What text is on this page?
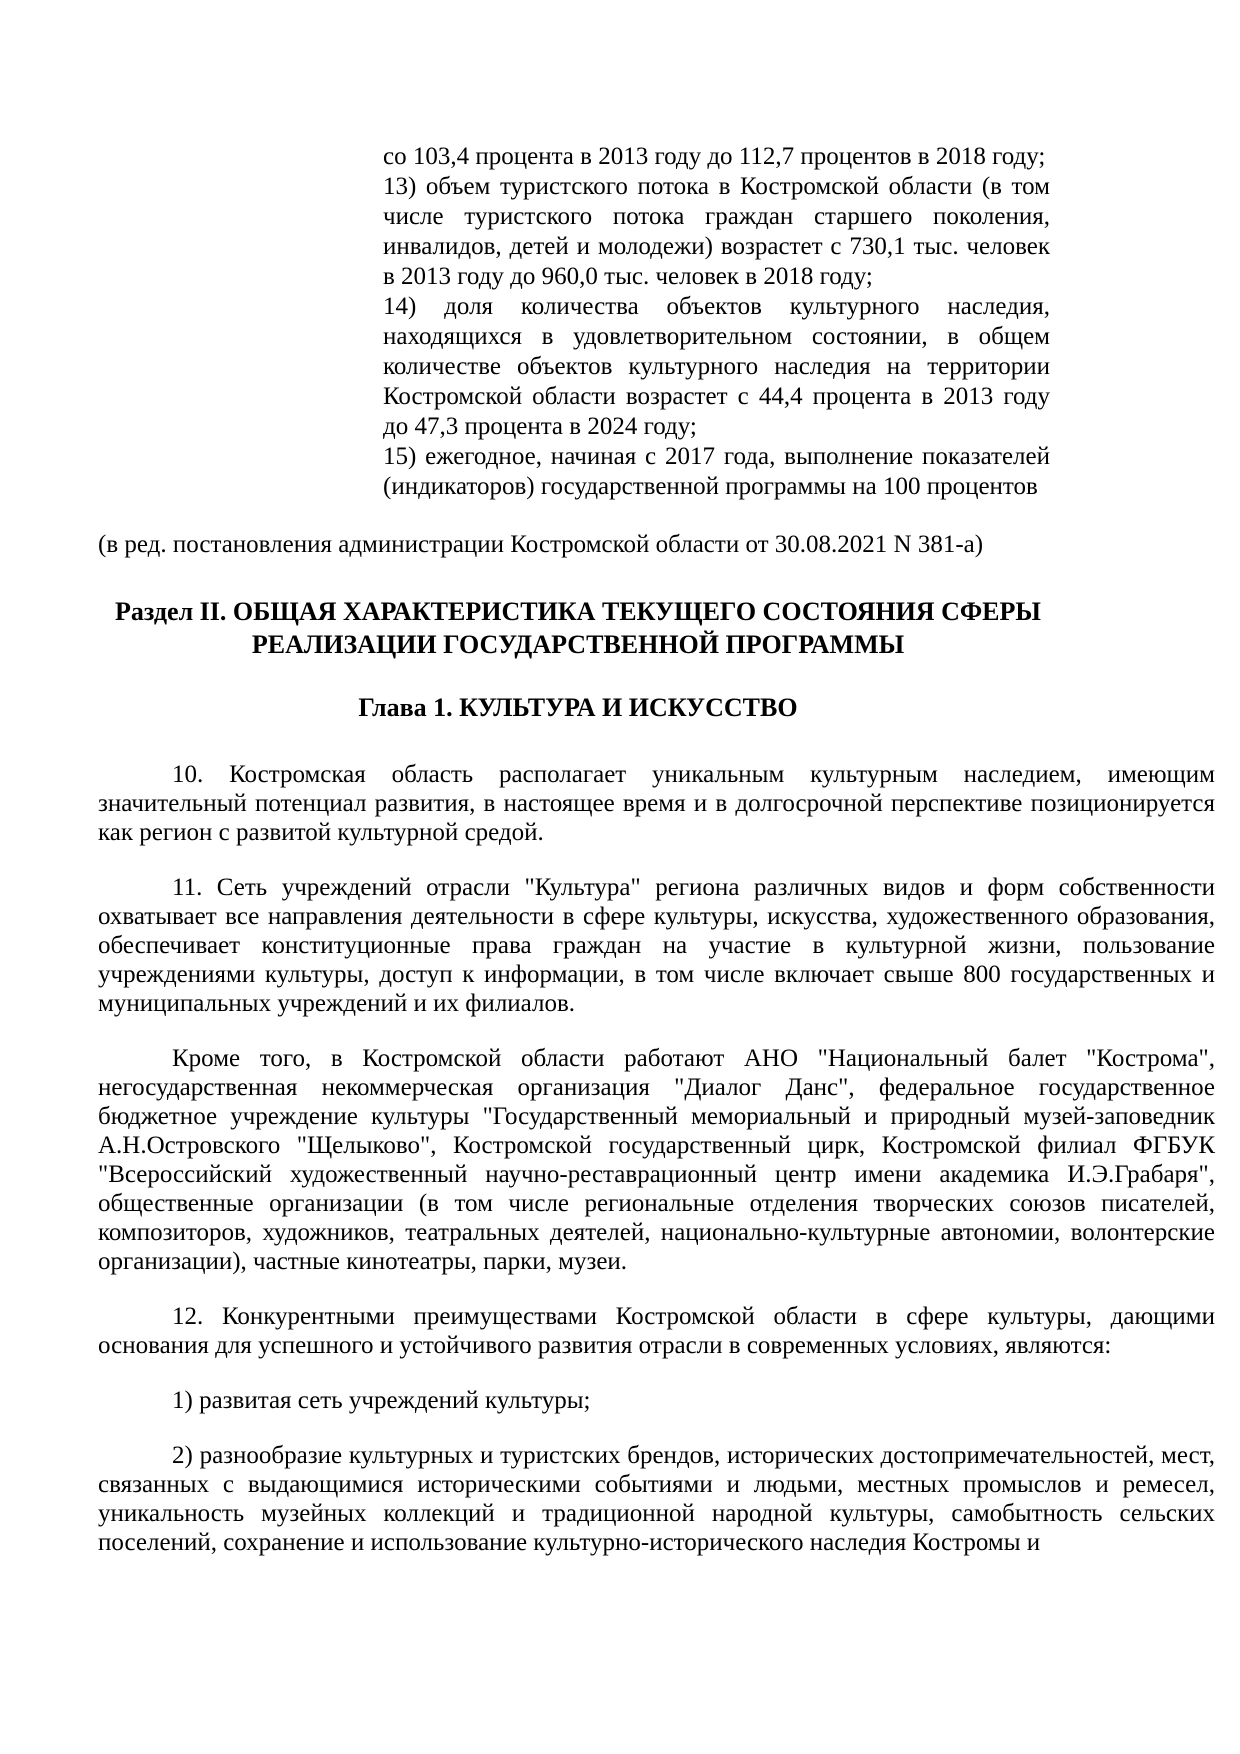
со 103,4 процента в 2013 году до 112,7 процентов в 2018 году;

13) объем туристского потока в Костромской области (в том числе туристского потока граждан старшего поколения, инвалидов, детей и молодежи) возрастет с 730,1 тыс. человек в 2013 году до 960,0 тыс. человек в 2018 году;

14) доля количества объектов культурного наследия, находящихся в удовлетворительном состоянии, в общем количестве объектов культурного наследия на территории Костромской области возрастет с 44,4 процента в 2013 году до 47,3 процента в 2024 году;

15) ежегодное, начиная с 2017 года, выполнение показателей (индикаторов) государственной программы на 100 процентов

(в ред. постановления администрации Костромской области от 30.08.2021 N 381-а)

Раздел II. ОБЩАЯ ХАРАКТЕРИСТИКА ТЕКУЩЕГО СОСТОЯНИЯ СФЕРЫ РЕАЛИЗАЦИИ ГОСУДАРСТВЕННОЙ ПРОГРАММЫ
Глава 1. КУЛЬТУРА И ИСКУССТВО

10. Костромская область располагает уникальным культурным наследием, имеющим значительный потенциал развития, в настоящее время и в долгосрочной перспективе позиционируется как регион с развитой культурной средой.

11. Сеть учреждений отрасли "Культура" региона различных видов и форм собственности охватывает все направления деятельности в сфере культуры, искусства, художественного образования, обеспечивает конституционные права граждан на участие в культурной жизни, пользование учреждениями культуры, доступ к информации, в том числе включает свыше 800 государственных и муниципальных учреждений и их филиалов.

Кроме того, в Костромской области работают АНО "Национальный балет "Кострома", негосударственная некоммерческая организация "Диалог Данс", федеральное государственное бюджетное учреждение культуры "Государственный мемориальный и природный музей-заповедник А.Н.Островского "Щелыково", Костромской государственный цирк, Костромской филиал ФГБУК "Всероссийский художественный научно-реставрационный центр имени академика И.Э.Грабаря", общественные организации (в том числе региональные отделения творческих союзов писателей, композиторов, художников, театральных деятелей, национально-культурные автономии, волонтерские организации), частные кинотеатры, парки, музеи.

12. Конкурентными преимуществами Костромской области в сфере культуры, дающими основания для успешного и устойчивого развития отрасли в современных условиях, являются:

1) развитая сеть учреждений культуры;

2) разнообразие культурных и туристских брендов, исторических достопримечательностей, мест, связанных с выдающимися историческими событиями и людьми, местных промыслов и ремесел, уникальность музейных коллекций и традиционной народной культуры, самобытность сельских поселений, сохранение и использование культурно-исторического наследия Костромы и
